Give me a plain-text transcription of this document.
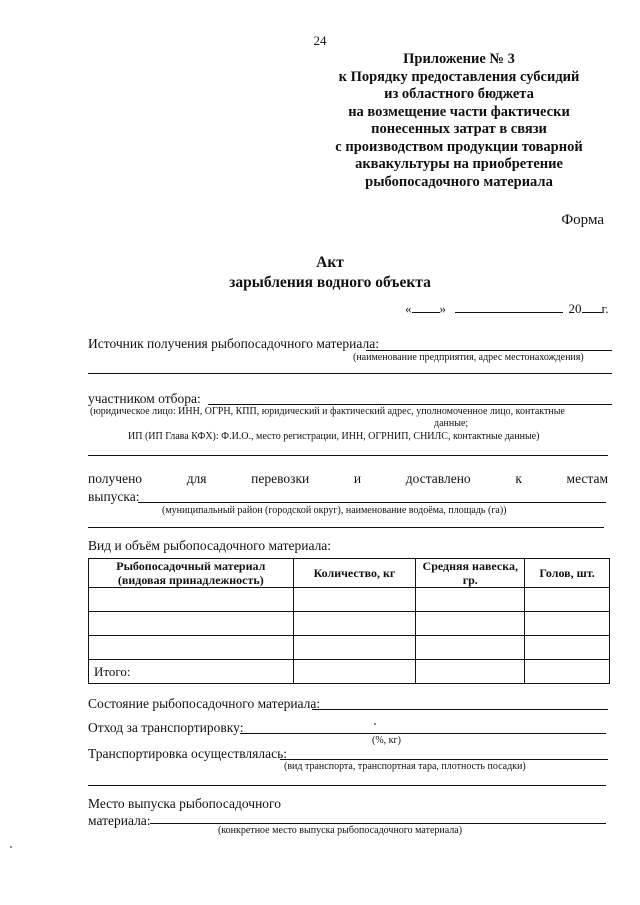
24
Приложение № 3
к Порядку предоставления субсидий
из областного бюджета
на возмещение части фактически
понесенных затрат в связи
с производством продукции товарной
аквакультуры на приобретение
рыбопосадочного материала
Форма
Акт
зарыбления водного объекта
« »	20 г.
Источник получения рыбопосадочного материала:
(наименование предприятия, адрес местонахождения)
участником отбора:
(юридическое лицо: ИНН, ОГРН, КПП, юридический и фактический адрес, уполномоченное лицо, контактные
данные;
ИП (ИП Глава КФХ): Ф.И.О., место регистрации, ИНН, ОГРНИП, СНИЛС, контактные данные)
получено	для	перевозки	и	доставлено	к	местам
выпуска:
(муниципальный район (городской округ), наименование водоёма, площадь (га))
Вид и объём рыбопосадочного материала:
Рыбопосадочный материал (видовая принадлежность)	Количество, кг	Средняя навеска, гр.	Голов, шт.

Итого:			
Состояние рыбопосадочного материала:
Отход за транспортировку:
(%, кг)
Транспортировка осуществлялась:
(вид транспорта, транспортная тара, плотность посадки)
Место выпуска рыбопосадочного
материала:
(конкретное место выпуска рыбопосадочного материала)
